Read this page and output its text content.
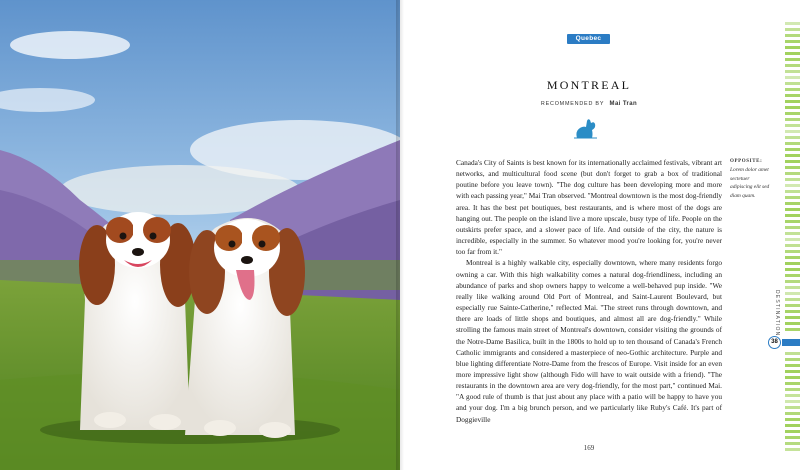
Quebec
MONTREAL
RECOMMENDED BY Mai Tran

Canada's City of Saints is best known for its internationally acclaimed festivals, vibrant art networks, and multicultural food scene (but don't forget to grab a box of traditional poutine before you leave town). "The dog culture has been developing more and more with each passing year," Mai Tran observed. "Montreal downtown is the most dog-friendly area. It has the best pet boutiques, best restaurants, and is where most of the dogs are hanging out. The people on the island live a more upscale, busy type of life. People on the outskirts prefer space, and a slower pace of life. And outside of the city, the nature is incredible, especially in the summer. So whatever mood you're looking for, you're never too far from it."

Montreal is a highly walkable city, especially downtown, where many residents forgo owning a car. With this high walkability comes a natural dog-friendliness, including an abundance of parks and shop owners happy to welcome a well-behaved pup inside. "We really like walking around Old Port of Montreal, and Saint-Laurent Boulevard, but especially rue Sainte-Catherine," reflected Mai. "The street runs through downtown, and there are loads of little shops and boutiques, and almost all are dog-friendly." While strolling the famous main street of Montreal's downtown, consider visiting the grounds of the Notre-Dame Basilica, built in the 1800s to hold up to ten thousand of Canada's French Catholic immigrants and considered a masterpiece of neo-Gothic architecture. Purple and blue lighting differentiate Notre-Dame from the frescos of Europe. Visit inside for an even more impressive light show (although Fido will have to wait outside with a friend). "The restaurants in the downtown area are very dog-friendly, for the most part," continued Mai. "A good rule of thumb is that just about any place with a patio will be happy to have you and your dog. I'm a big brunch person, and we particularly like Ruby's Café. It's part of Doggieville

OPPOSITE:
Lorem dolor amet sectetuer adipiscing elit sed diam quam.
169
DESTINATION
38
